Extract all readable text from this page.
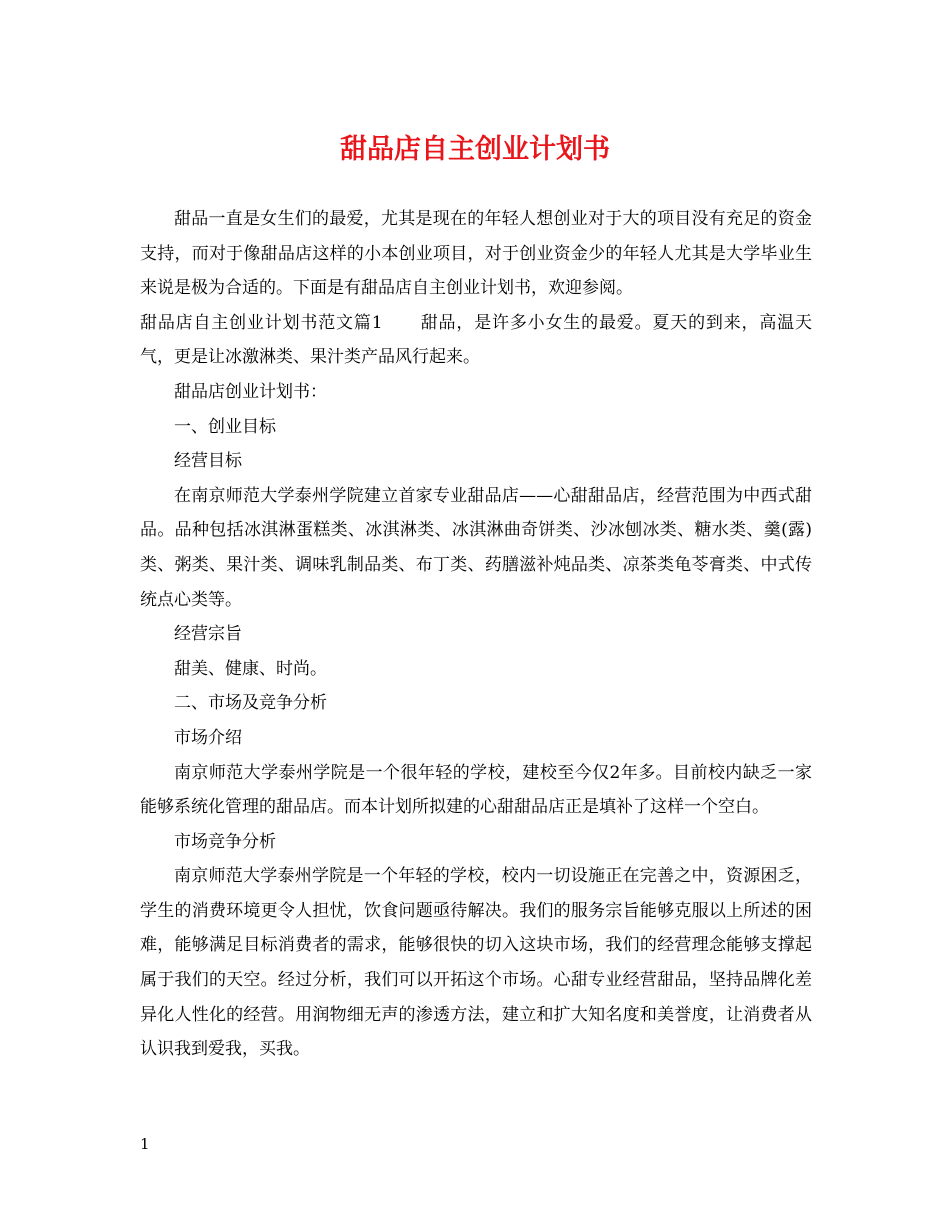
甜品店自主创业计划书

甜品一直是女生们的最爱，尤其是现在的年轻人想创业对于大的项目没有充足的资金支持，而对于像甜品店这样的小本创业项目，对于创业资金少的年轻人尤其是大学毕业生来说是极为合适的。下面是有甜品店自主创业计划书，欢迎参阅。

甜品店自主创业计划书范文篇1 甜品，是许多小女生的最爱。夏天的到来，高温天气，更是让冰激淋类、果汁类产品风行起来。

甜品店创业计划书：

一、创业目标

经营目标

在南京师范大学泰州学院建立首家专业甜品店——心甜甜品店，经营范围为中西式甜品。品种包括冰淇淋蛋糕类、冰淇淋类、冰淇淋曲奇饼类、沙冰刨冰类、糖水类、羹(露)类、粥类、果汁类、调味乳制品类、布丁类、药膳滋补炖品类、凉茶类龟苓膏类、中式传统点心类等。

经营宗旨

甜美、健康、时尚。

二、市场及竞争分析

市场介绍

南京师范大学泰州学院是一个很年轻的学校，建校至今仅2年多。目前校内缺乏一家能够系统化管理的甜品店。而本计划所拟建的心甜甜品店正是填补了这样一个空白。

市场竞争分析

南京师范大学泰州学院是一个年轻的学校，校内一切设施正在完善之中，资源困乏，学生的消费环境更令人担忧，饮食问题亟待解决。我们的服务宗旨能够克服以上所述的困难，能够满足目标消费者的需求，能够很快的切入这块市场，我们的经营理念能够支撑起属于我们的天空。经过分析，我们可以开拓这个市场。心甜专业经营甜品，坚持品牌化差异化人性化的经营。用润物细无声的渗透方法，建立和扩大知名度和美誉度，让消费者从认识我到爱我，买我。

1
